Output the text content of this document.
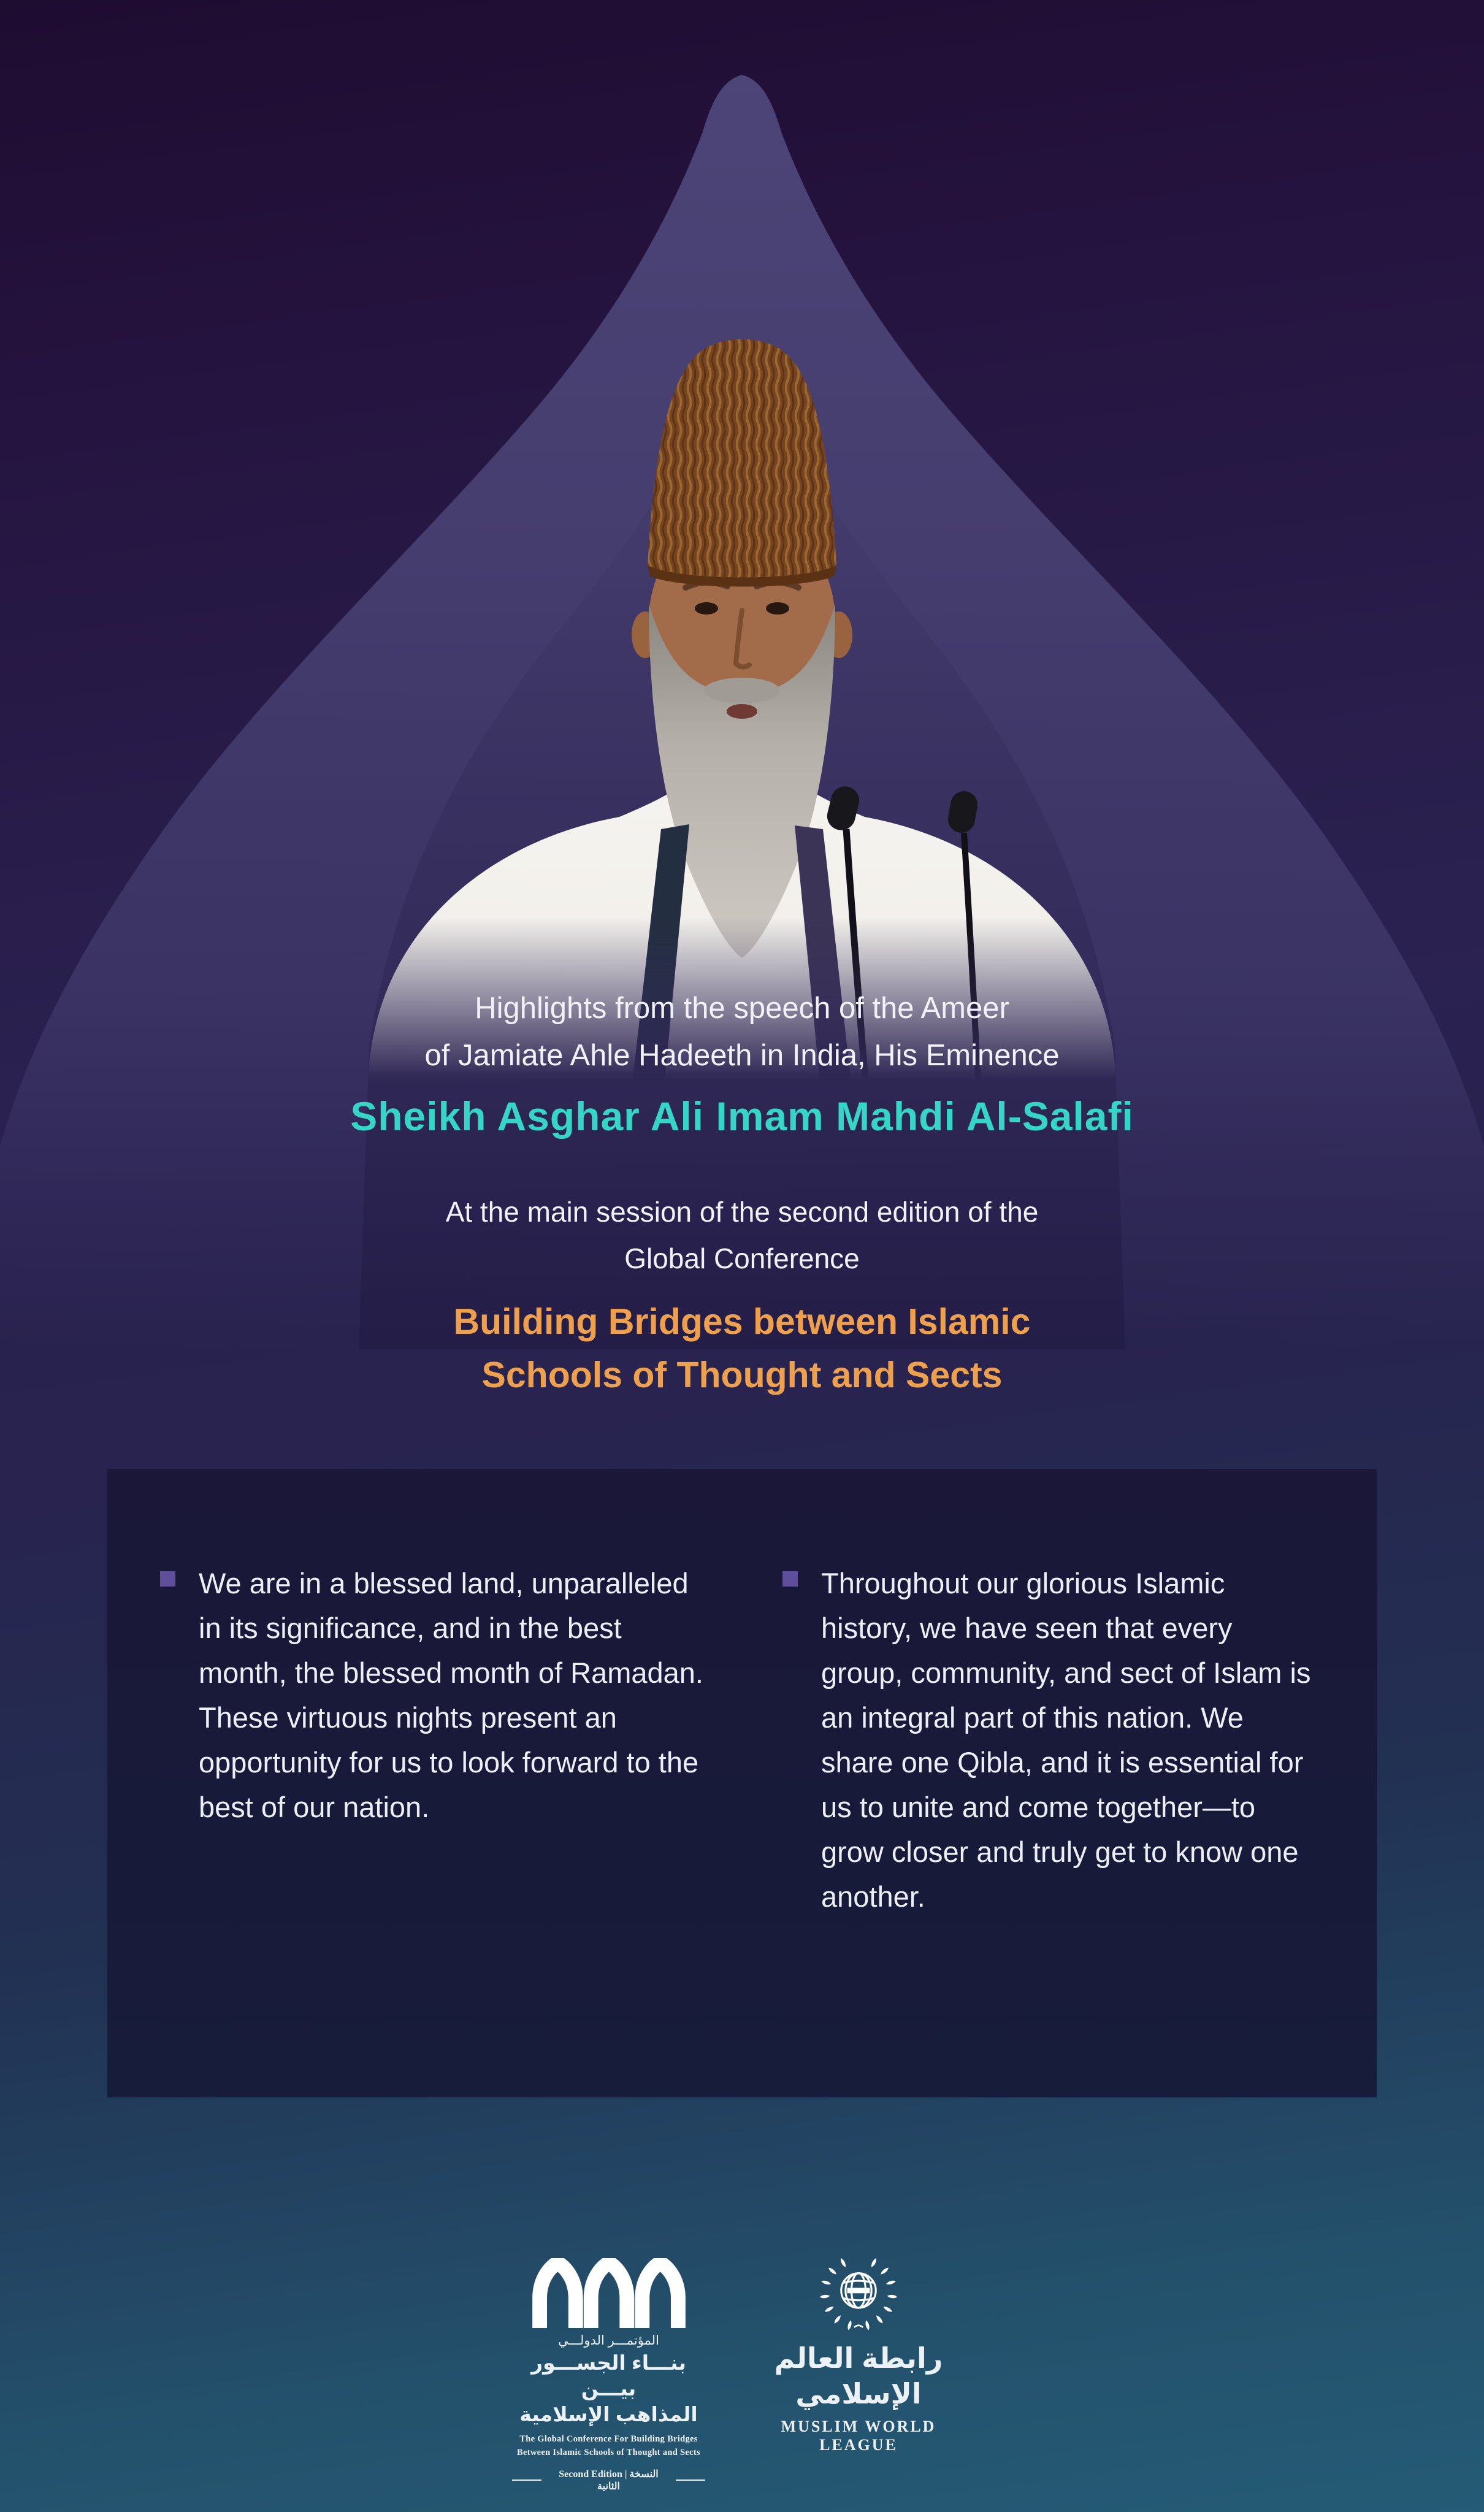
Highlights from the speech of the Ameer

of Jamiate Ahle Hadeeth in India, His Eminence

Sheikh Asghar Ali Imam Mahdi Al-Salafi

At the main session of the second edition of the

Global Conference

Building Bridges between Islamic

Schools of Thought and Sects

We are in a blessed land, unparalleled in its significance, and in the best month, the blessed month of Ramadan. These virtuous nights present an opportunity for us to look forward to the best of our nation.

Throughout our glorious Islamic history, we have seen that every group, community, and sect of Islam is an integral part of this nation. We share one Qibla, and it is essential for us to unite and come together—to grow closer and truly get to know one another.

المؤتمـــر الدولـــي
بنـــاء الجســـور بيـــن
المذاهب الإسلامية
The Global Conference For Building Bridges
Between Islamic Schools of Thought and Sects
Second Edition | النسخة الثانية
رابطة العالم الإسلامي
MUSLIM WORLD LEAGUE
